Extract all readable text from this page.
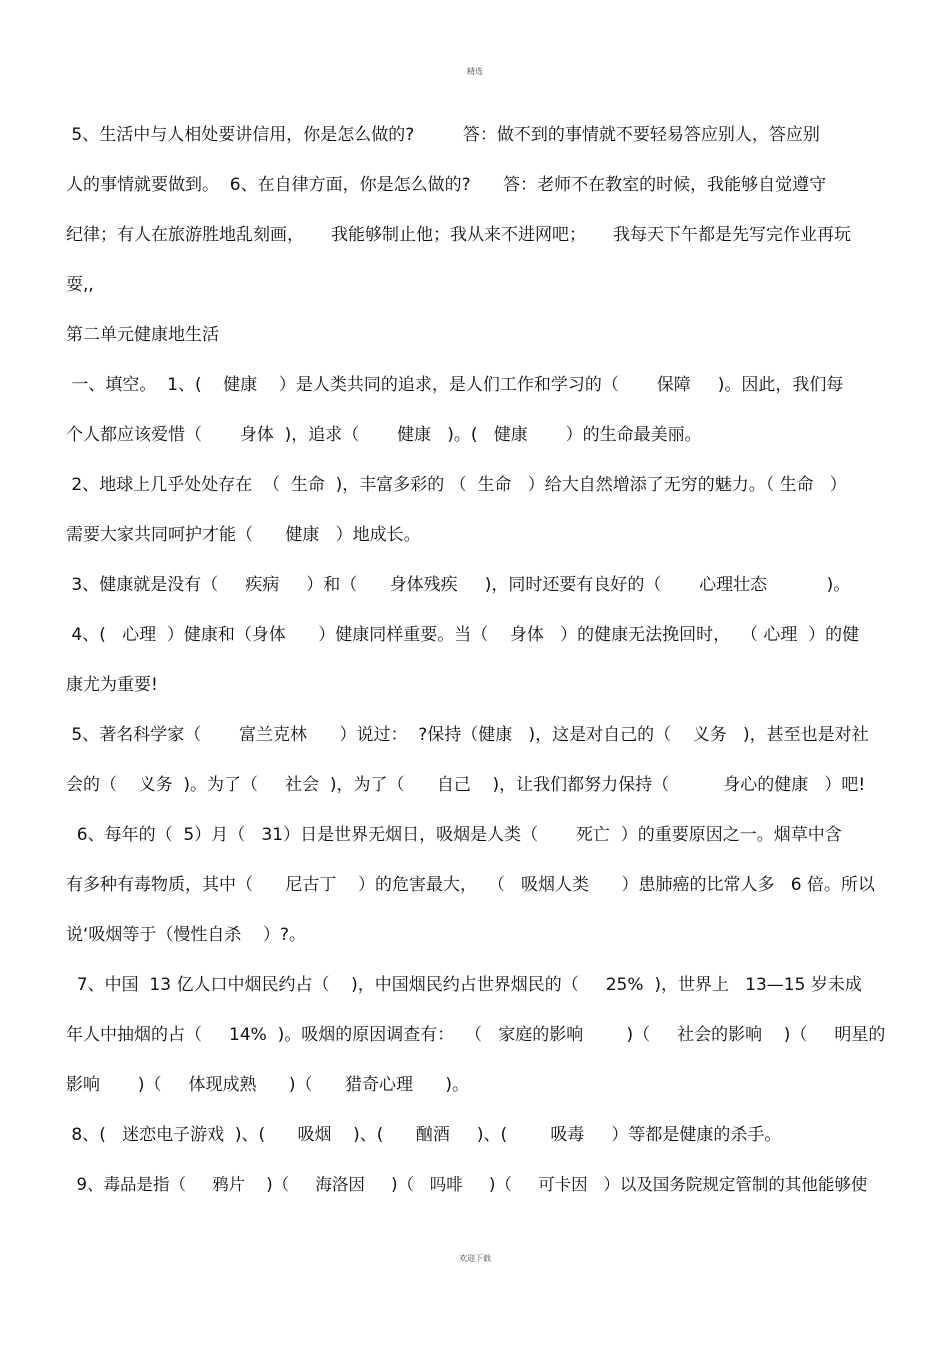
精选
5、生活中与人相处要讲信用，你是怎么做的?         答：做不到的事情就不要轻易答应别人，答应别
人的事情就要做到。  6、在自律方面，你是怎么做的?      答：老师不在教室的时候，我能够自觉遵守
纪律；有人在旅游胜地乱刻画，     我能够制止他；我从来不进网吧；     我每天下午都是先写完作业再玩
耍,,
第二单元健康地生活
一、填空。  1、(    健康    ）是人类共同的追求，是人们工作和学习的（       保障     )。因此，我们每
个人都应该爱惜（       身体  )，追求（       健康   )。(   健康       ）的生命最美丽。
2、地球上几乎处处存在  （  生命  )，丰富多彩的 （  生命   ）给大自然增添了无穷的魅力。（ 生命   ）
需要大家共同呵护才能（      健康   ）地成长。
3、健康就是没有（     疾病     ）和（      身体残疾     )，同时还要有良好的（       心理壮态           )。
4、(   心理  ）健康和（身体      ）健康同样重要。当（    身体   ）的健康无法挽回时，  （ 心理  ）的健
康尤为重要!
5、著名科学家（       富兰克林      ）说过：  ?保持（健康   )，这是对自己的（    义务   )，甚至也是对社
会的（    义务  )。为了（     社会  )，为了（      自己    )，让我们都努力保持（          身心的健康   ）吧!
6、每年的（  5）月（   31）日是世界无烟日，吸烟是人类（       死亡  ）的重要原因之一。烟草中含
有多种有毒物质，其中（      尼古丁    ）的危害最大，  （   吸烟人类      ）患肺癌的比常人多   6 倍。所以
说‘吸烟等于（慢性自杀    ）?。
7、中国  13 亿人口中烟民约占（    )，中国烟民约占世界烟民的（     25%  )，世界上   13—15 岁未成
年人中抽烟的占（     14%  )。吸烟的原因调查有：  （   家庭的影响        )（     社会的影响    )（     明星的
影响       )（     体现成熟      )（      猎奇心理      )。
8、(   迷恋电子游戏  )、(      吸烟    )、(      酗酒     )、(        吸毒     ）等都是健康的杀手。
9、毒品是指（     鸦片    )（     海洛因     )（   吗啡     )（     可卡因   ）以及国务院规定管制的其他能够使
欢迎下载
